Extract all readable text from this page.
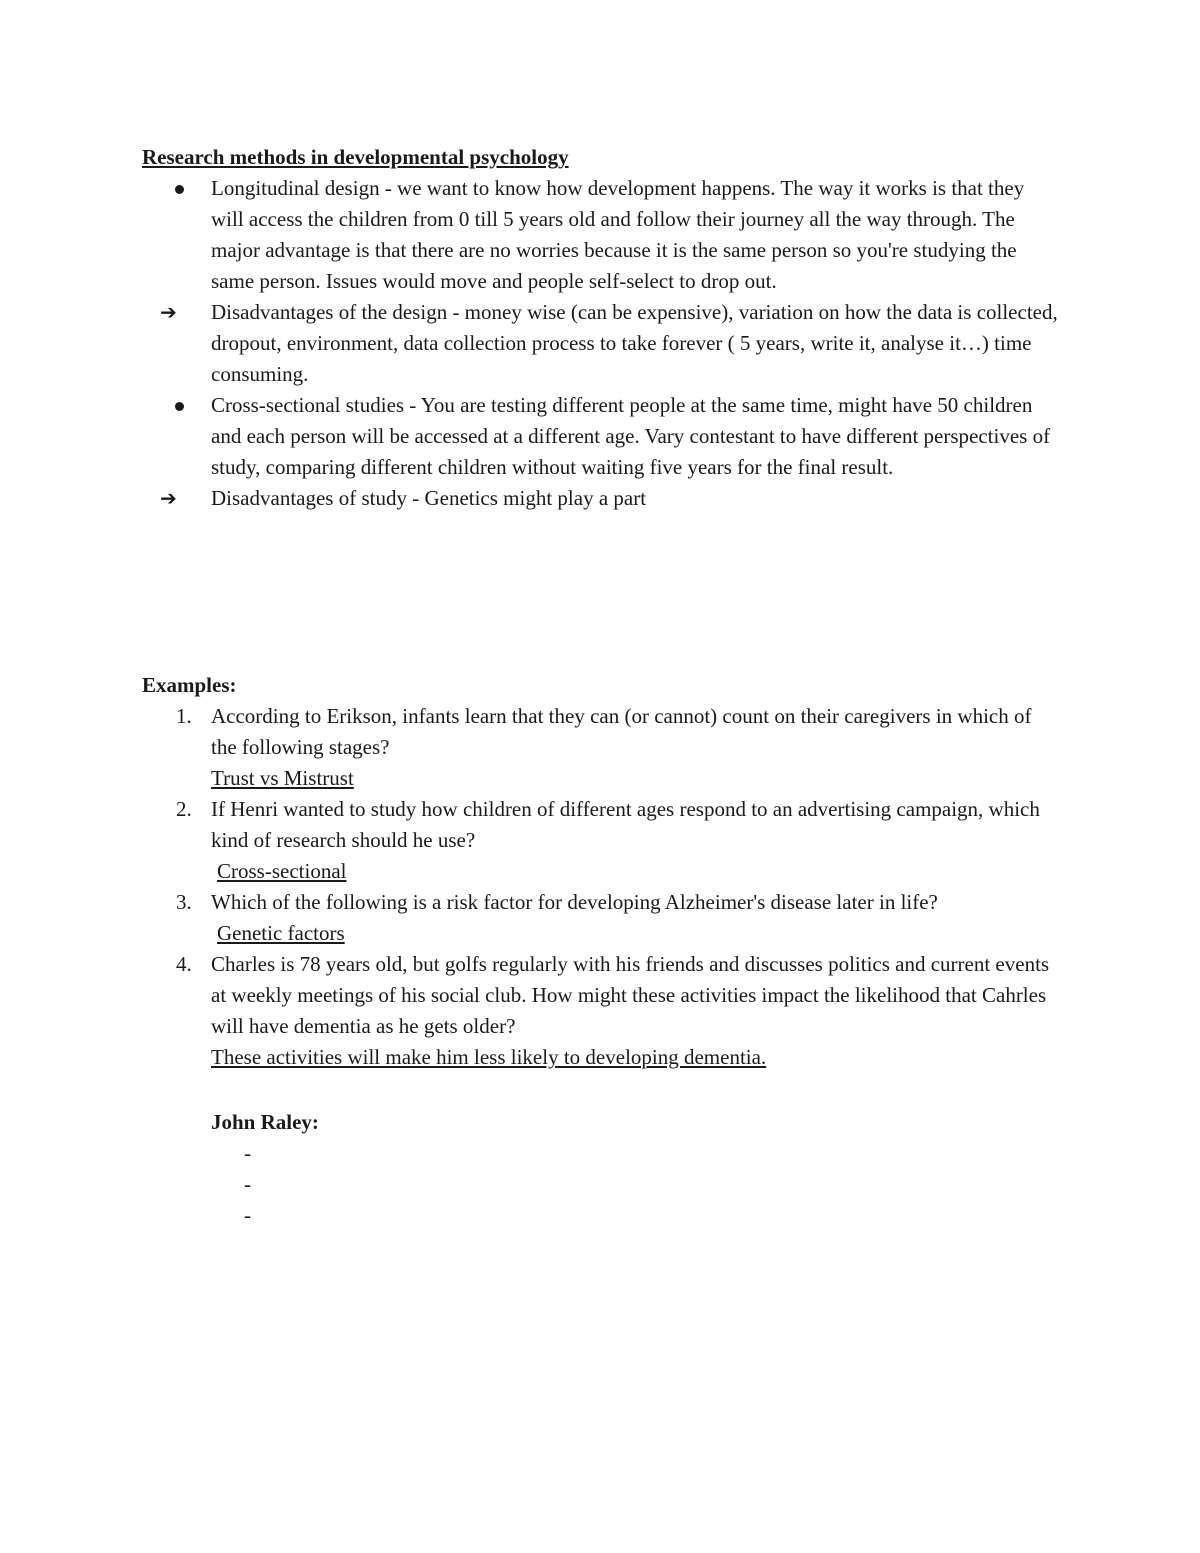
Research methods in developmental psychology
Longitudinal design - we want to know how development happens. The way it works is that they will access the children from 0 till 5 years old and follow their journey all the way through. The major advantage is that there are no worries because it is the same person so you're studying the same person. Issues would move and people self-select to drop out.
➔	Disadvantages of the design - money wise (can be expensive), variation on how the data is collected, dropout, environment, data collection process to take forever ( 5 years, write it, analyse it…) time consuming.
Cross-sectional studies - You are testing different people at the same time, might have 50 children and each person will be accessed at a different age. Vary contestant to have different perspectives of study, comparing different children without waiting five years for the final result.
➔	Disadvantages of study - Genetics might play a part
Examples:
1. According to Erikson, infants learn that they can (or cannot) count on their caregivers in which of the following stages?
Trust vs Mistrust
2. If Henri wanted to study how children of different ages respond to an advertising campaign, which kind of research should he use?
Cross-sectional
3. Which of the following is a risk factor for developing Alzheimer's disease later in life?
Genetic factors
4. Charles is 78 years old, but golfs regularly with his friends and discusses politics and current events at weekly meetings of his social club. How might these activities impact the likelihood that Cahrles will have dementia as he gets older?
These activities will make him less likely to developing dementia.
John Raley:
-
-
-
